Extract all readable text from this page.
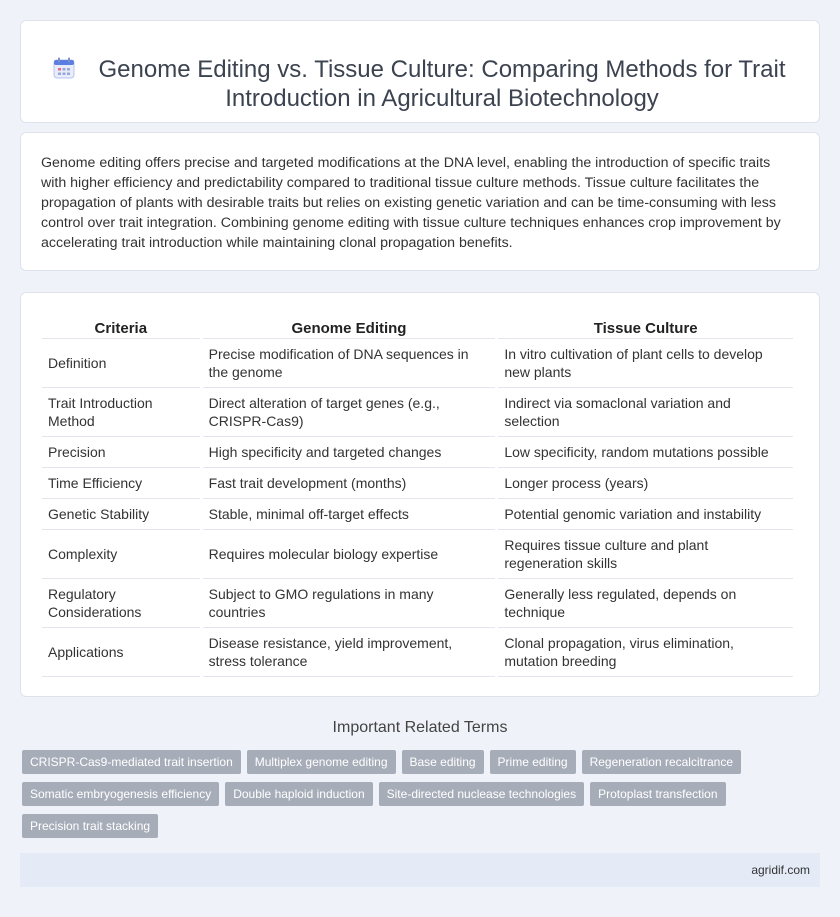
Genome Editing vs. Tissue Culture: Comparing Methods for Trait Introduction in Agricultural Biotechnology

Genome editing offers precise and targeted modifications at the DNA level, enabling the introduction of specific traits with higher efficiency and predictability compared to traditional tissue culture methods. Tissue culture facilitates the propagation of plants with desirable traits but relies on existing genetic variation and can be time-consuming with less control over trait integration. Combining genome editing with tissue culture techniques enhances crop improvement by accelerating trait introduction while maintaining clonal propagation benefits.

Criteria	Genome Editing	Tissue Culture
Definition	Precise modification of DNA sequences in the genome	In vitro cultivation of plant cells to develop new plants
Trait Introduction Method	Direct alteration of target genes (e.g., CRISPR-Cas9)	Indirect via somaclonal variation and selection
Precision	High specificity and targeted changes	Low specificity, random mutations possible
Time Efficiency	Fast trait development (months)	Longer process (years)
Genetic Stability	Stable, minimal off-target effects	Potential genomic variation and instability
Complexity	Requires molecular biology expertise	Requires tissue culture and plant regeneration skills
Regulatory Considerations	Subject to GMO regulations in many countries	Generally less regulated, depends on technique
Applications	Disease resistance, yield improvement, stress tolerance	Clonal propagation, virus elimination, mutation breeding
Important Related Terms
CRISPR-Cas9-mediated trait insertion	Multiplex genome editing	Base editing	Prime editing	Regeneration recalcitrance
Somatic embryogenesis efficiency	Double haploid induction	Site-directed nuclease technologies	Protoplast transfection
Precision trait stacking
agridif.com
